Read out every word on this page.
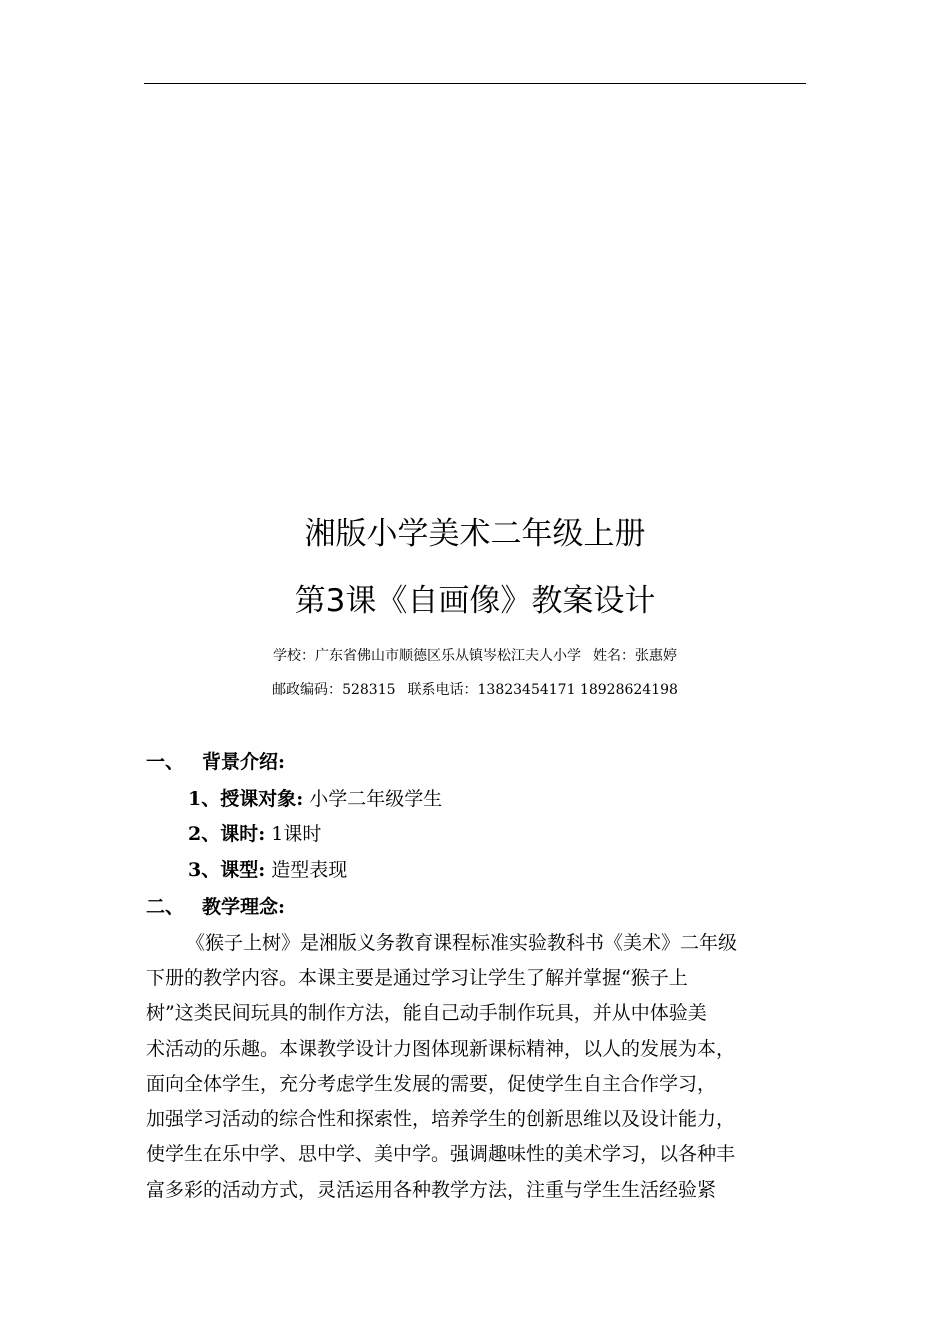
湘版小学美术二年级上册
第3课《自画像》教案设计
学校：广东省佛山市顺德区乐从镇岑松江夫人小学 姓名：张惠婷
邮政编码：528315 联系电话：13823454171 18928624198
一、 背景介绍:
1、授课对象: 小学二年级学生
2、课时: 1课时
3、课型: 造型表现
二、 教学理念:
《猴子上树》是湘版义务教育课程标准实验教科书《美术》二年级
下册的教学内容。本课主要是通过学习让学生了解并掌握“猴子上
树”这类民间玩具的制作方法，能自己动手制作玩具，并从中体验美
术活动的乐趣。本课教学设计力图体现新课标精神，以人的发展为本，
面向全体学生，充分考虑学生发展的需要，促使学生自主合作学习，
加强学习活动的综合性和探索性，培养学生的创新思维以及设计能力，
使学生在乐中学、思中学、美中学。强调趣味性的美术学习，以各种丰
富多彩的活动方式，灵活运用各种教学方法，注重与学生生活经验紧
